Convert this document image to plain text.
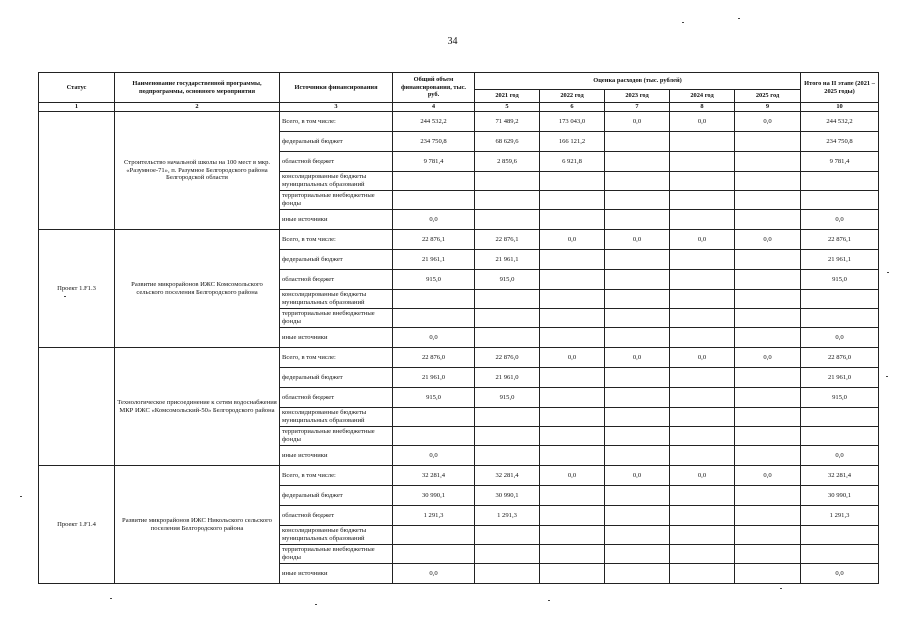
34
Статус	Наименование государственной программы, подпрограммы, основного мероприятия	Источники финансирования	Общий объем финансирования, тыс. руб.	Оценка расходов (тыс. рублей)					Итого на II этапе (2021 – 2025 годы)
				2021 год	2022 год	2023 год	2024 год	2025 год	
1	2	3	4	5	6	7	8	9	10
	Строительство начальной школы на 100 мест в мкр. «Разумное-71», п. Разумное Белгородского района Белгородской области	Всего, в том числе:	244 532,2	71 489,2	173 043,0	0,0	0,0	0,0	244 532,2
		федеральный бюджет	234 750,8	68 629,6	166 121,2				234 750,8
		областной бюджет	9 781,4	2 859,6	6 921,8				9 781,4
		консолидированные бюджеты муниципальных образований							
		территориальные внебюджетные фонды							
		иные источники	0,0						0,0
Проект 1.F1.3	Развитие микрорайонов ИЖС Комсомольского сельского поселения Белгородского района	Всего, в том числе:	22 876,1	22 876,1	0,0	0,0	0,0	0,0	22 876,1
		федеральный бюджет	21 961,1	21 961,1					21 961,1
		областной бюджет	915,0	915,0					915,0
		консолидированные бюджеты муниципальных образований							
		территориальные внебюджетные фонды							
		иные источники	0,0						0,0
	Технологическое присоединение к сетям водоснабжения МКР ИЖС «Комсомольский-50» Белгородского района	Всего, в том числе:	22 876,0	22 876,0	0,0	0,0	0,0	0,0	22 876,0
		федеральный бюджет	21 961,0	21 961,0					21 961,0
		областной бюджет	915,0	915,0					915,0
		консолидированные бюджеты муниципальных образований							
		территориальные внебюджетные фонды							
		иные источники	0,0						0,0
Проект 1.F1.4	Развитие микрорайонов ИЖС Никольского сельского поселения Белгородского района	Всего, в том числе:	32 281,4	32 281,4	0,0	0,0	0,0	0,0	32 281,4
		федеральный бюджет	30 990,1	30 990,1					30 990,1
		областной бюджет	1 291,3	1 291,3					1 291,3
		консолидированные бюджеты муниципальных образований							
		территориальные внебюджетные фонды							
		иные источники	0,0						0,0
